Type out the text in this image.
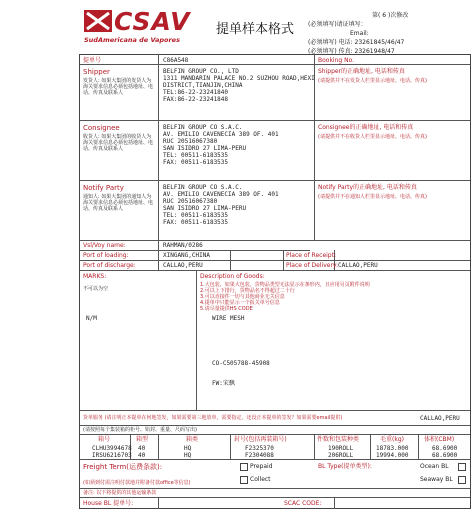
CSAV
SudAmericana de Vapores
提单样本格式
第( 6 )次修改
(必须填写)请证填写：
Email:
(必须填写) 电话: 23261845/46/47
(必须填写) 传真: 23261948/47
提单号	C86A548	Booking No.
Shipper
发货人: 如果大集团的发货人为海关要求信息必须包括地址、电话、传真及联系人
BELFIN GROUP CO., LTD
1311 MANDARIN PALACE NO.2 SUZHOU ROAD,HEXI
DISTRICT,TIANJIN,CHINA
TEL:86-22-23241840
FAX:86-22-23241848
Shipper的正确地址, 电话和传真
(请提供并不在发货人栏里显示地址、电话、传真)
Consignee
收货人: 如果大集团的收货人为海关要求信息必须包括地址、电话、传真及联系人
BELFIN GROUP CO S.A.C.
AV. EMILIO CAVENECIA 389 OF. 401
RUC 20516067380
SAN ISIDRO 27 LIMA-PERU
TEL: 00511-6183535
FAX: 00511-6183535
Consignee的正确地址, 电话和传真
(请提供并不在收货人栏里显示地址、电话、传真)
Notify Party
通知人: 如果大集团的通知人为海关要求信息必须包括地址、电话、传真及联系人
BELFIN GROUP CO S.A.C.
AV. EMILIO CAVENECIA 389 OF. 401
RUC 20516067380
SAN ISIDRO 27 LIMA-PERU
TEL: 00511-6183535
FAX: 00511-6183535
Notify Party的正确地址, 电话和传真
(请提供并不在通知人栏里显示地址、电话、传真)
Vsl/Voy name:	RAHMAN/0286
Port of loading:	XINGANG,CHINA	Place of Receipt:
Port of discharge:	CALLAO,PERU	Place of Delivery: CALLAO,PERU
MARKS:
不可以为空
N/M
Description of Goods:
1.大包装，如果大包装，货物品类型无法显示在条形内，且应用另页附件说明
2.可以上下排行，货物品名不得超过二十行
3.可以直接件一切与其他商业无关信息
4.提单中只能显示一个报关单号信息
5.请尽量提供HS CODE
WIRE MESH
CO-C505788-45908
FW:宋飘
货单服务 (请注明正本提单在何地签发，如果需要第三地放单，需要指定，还没正本提单的签发？如果需要email提供)	CALLAO,PERU
(请按照每个集装箱的柜号、铅封、重量、尺码写出)
箱号	箱型	箱类	封号(包括再装箱号)	件数和包装种类	毛重(kg)	体积(CBM)
CLHU3994678 40	HQ	F2325370	190ROLL	18783.000	68.6900
IRSU6216703 40	HQ	F2304088	206ROLL	19994.000	68.6900
Freight Term(运费条款):	Prepaid
Collect
BL Type(提单类型):	Ocean BL
Seaway BL
(如须到付需注明付款地并附备付款office等信息)
备注: 以下将提供的其他运输条款
House BL 提单号:	SCAC CODE:
